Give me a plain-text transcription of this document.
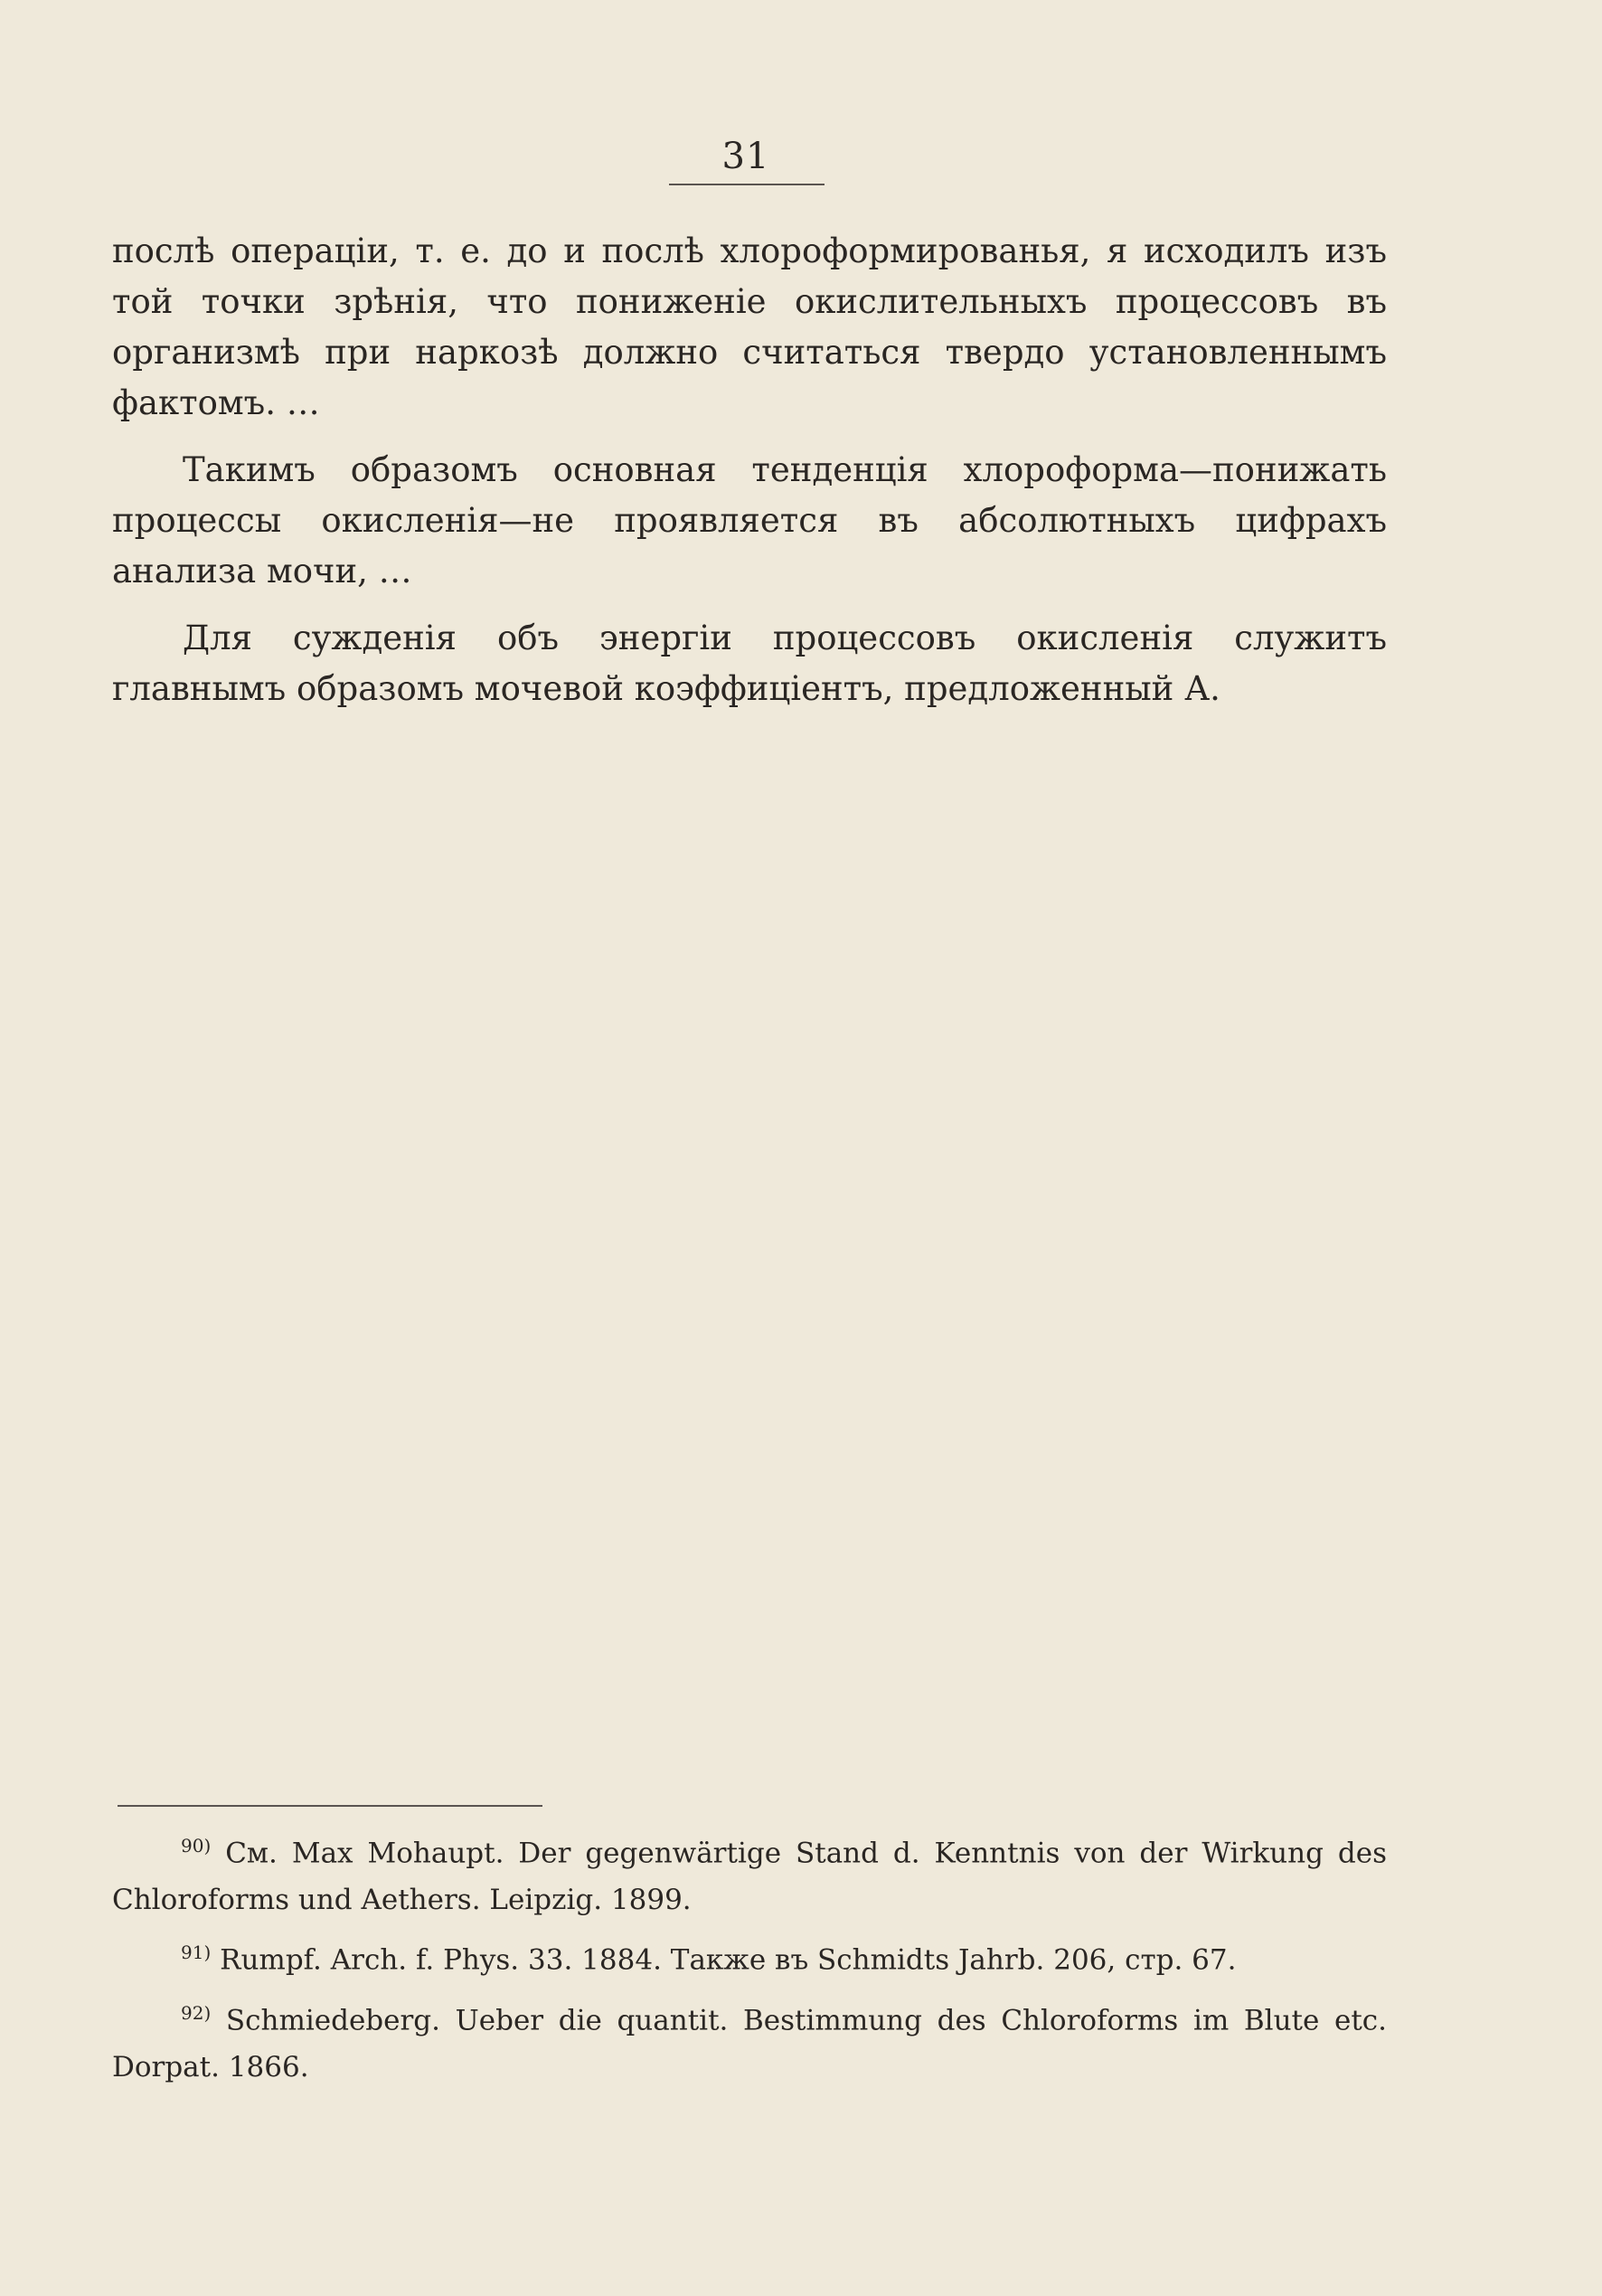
31

послѣ операціи, т. е. до и послѣ хлороформированья, я исходилъ изъ той точки зрѣнія, что пониженіе окислительныхъ процессовъ въ организмѣ при наркозѣ должно считаться твердо установленнымъ фактомъ. …

Такимъ образомъ основная тенденція хлороформа—понижать процессы окисленія—не проявляется въ абсолютныхъ цифрахъ анализа мочи, …

Для сужденія объ энергіи процессовъ окисленія служитъ главнымъ образомъ мочевой коэффиціентъ, предложенный А.

$^{90)}$ См. Max Mohaupt. Der gegenwärtige Stand d. Kenntnis von der Wirkung des Chloroforms und Aethers. Leipzig. 1899.

$^{91)}$ Rumpf. Arch. f. Phys. 33. 1884. Также въ Schmidts Jahrb. 206, стр. 67.

$^{92)}$ Schmiedeberg. Ueber die quantit. Bestimmung des Chloroforms im Blute etc. Dorpat. 1866.
